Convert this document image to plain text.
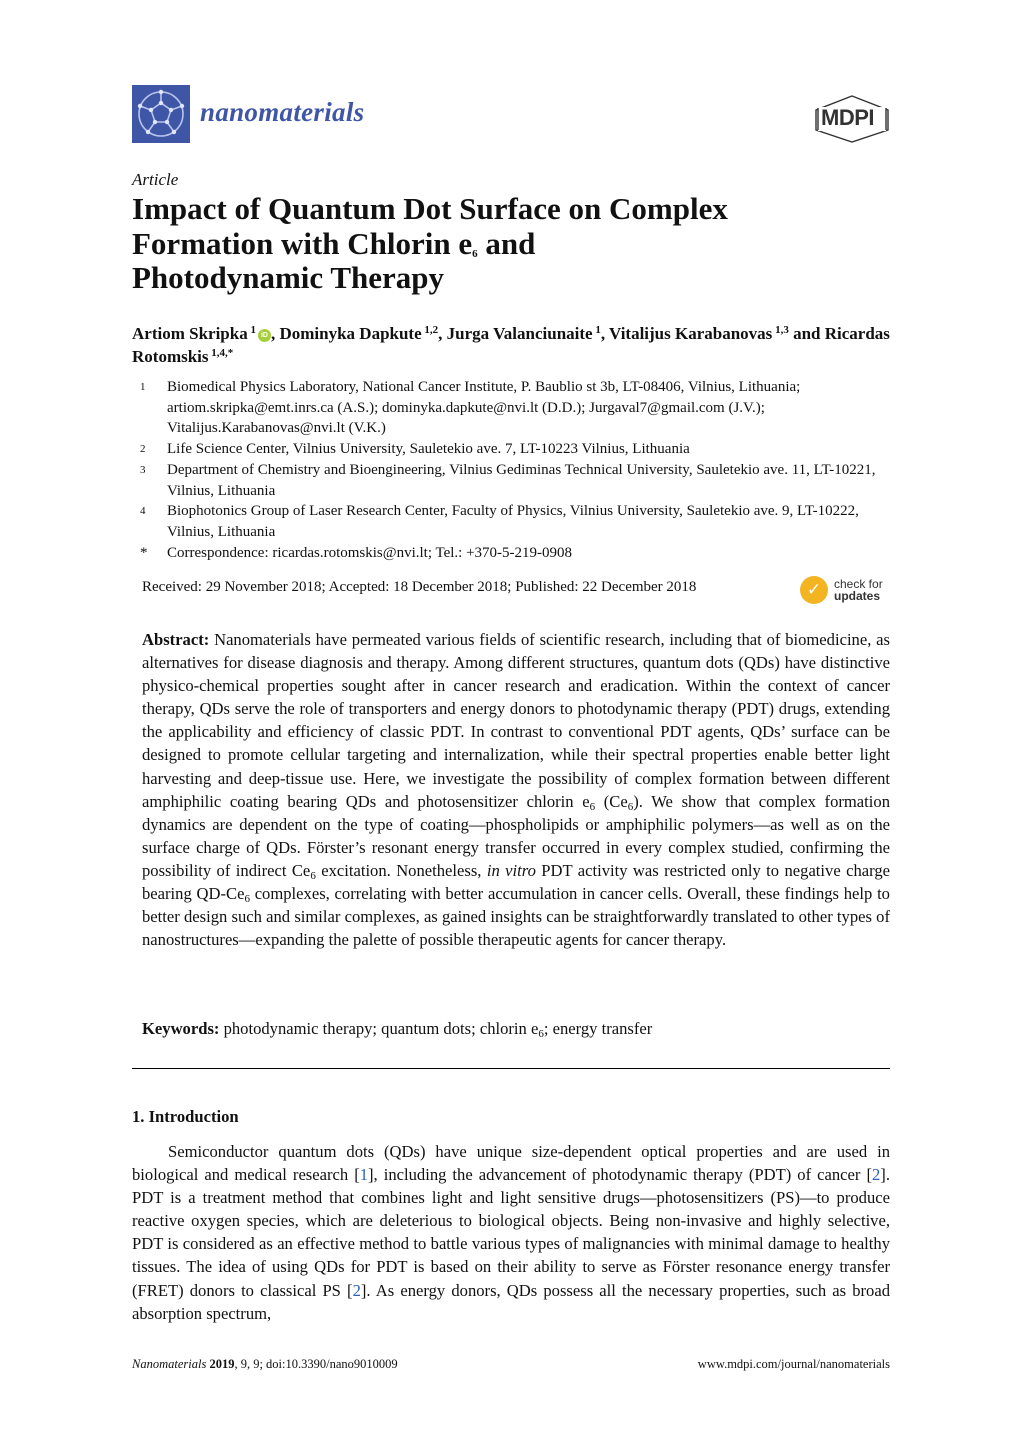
nanomaterials	MDPI
Article
Impact of Quantum Dot Surface on Complex
Formation with Chlorin $e_6$ and
Photodynamic Therapy
Artiom Skripka $^1$ iD , Dominyka Dapkute $^{1,2}$, Jurga Valanciunaite $^1$, Vitalijus Karabanovas $^{1,3}$ and Ricardas Rotomskis $^{1,4,*}$
1	Biomedical Physics Laboratory, National Cancer Institute, P. Baublio st 3b, LT-08406, Vilnius, Lithuania; artiom.skripka@emt.inrs.ca (A.S.); dominyka.dapkute@nvi.lt (D.D.); Jurgaval7@gmail.com (J.V.); Vitalijus.Karabanovas@nvi.lt (V.K.)
2	Life Science Center, Vilnius University, Sauletekio ave. 7, LT-10223 Vilnius, Lithuania
3	Department of Chemistry and Bioengineering, Vilnius Gediminas Technical University, Sauletekio ave. 11, LT-10221, Vilnius, Lithuania
4	Biophotonics Group of Laser Research Center, Faculty of Physics, Vilnius University, Sauletekio ave. 9, LT-10222, Vilnius, Lithuania
*	Correspondence: ricardas.rotomskis@nvi.lt; Tel.: +370-5-219-0908
Received: 29 November 2018; Accepted: 18 December 2018; Published: 22 December 2018	✓	check for
updates
Abstract: Nanomaterials have permeated various fields of scientific research, including that of biomedicine, as alternatives for disease diagnosis and therapy. Among different structures, quantum dots (QDs) have distinctive physico-chemical properties sought after in cancer research and eradication. Within the context of cancer therapy, QDs serve the role of transporters and energy donors to photodynamic therapy (PDT) drugs, extending the applicability and efficiency of classic PDT. In contrast to conventional PDT agents, QDs’ surface can be designed to promote cellular targeting and internalization, while their spectral properties enable better light harvesting and deep-tissue use. Here, we investigate the possibility of complex formation between different amphiphilic coating bearing QDs and photosensitizer chlorin $e_6$ $(Ce_6)$. We show that complex formation dynamics are dependent on the type of coating—phospholipids or amphiphilic polymers—as well as on the surface charge of QDs. Förster’s resonant energy transfer occurred in every complex studied, confirming the possibility of indirect $Ce_6$ excitation. Nonetheless, in vitro PDT activity was restricted only to negative charge bearing $QD-Ce_6$ complexes, correlating with better accumulation in cancer cells. Overall, these findings help to better design such and similar complexes, as gained insights can be straightforwardly translated to other types of nanostructures—expanding the palette of possible therapeutic agents for cancer therapy.
Keywords: photodynamic therapy; quantum dots; chlorin $e_6$; energy transfer
1. Introduction
Semiconductor quantum dots (QDs) have unique size-dependent optical properties and are used in biological and medical research [1], including the advancement of photodynamic therapy (PDT) of cancer [2]. PDT is a treatment method that combines light and light sensitive drugs—photosensitizers (PS)—to produce reactive oxygen species, which are deleterious to biological objects. Being non-invasive and highly selective, PDT is considered as an effective method to battle various types of malignancies with minimal damage to healthy tissues. The idea of using QDs for PDT is based on their ability to serve as Förster resonance energy transfer (FRET) donors to classical PS [2]. As energy donors, QDs possess all the necessary properties, such as broad absorption spectrum,
Nanomaterials 2019, 9, 9; doi:10.3390/nano9010009	www.mdpi.com/journal/nanomaterials
